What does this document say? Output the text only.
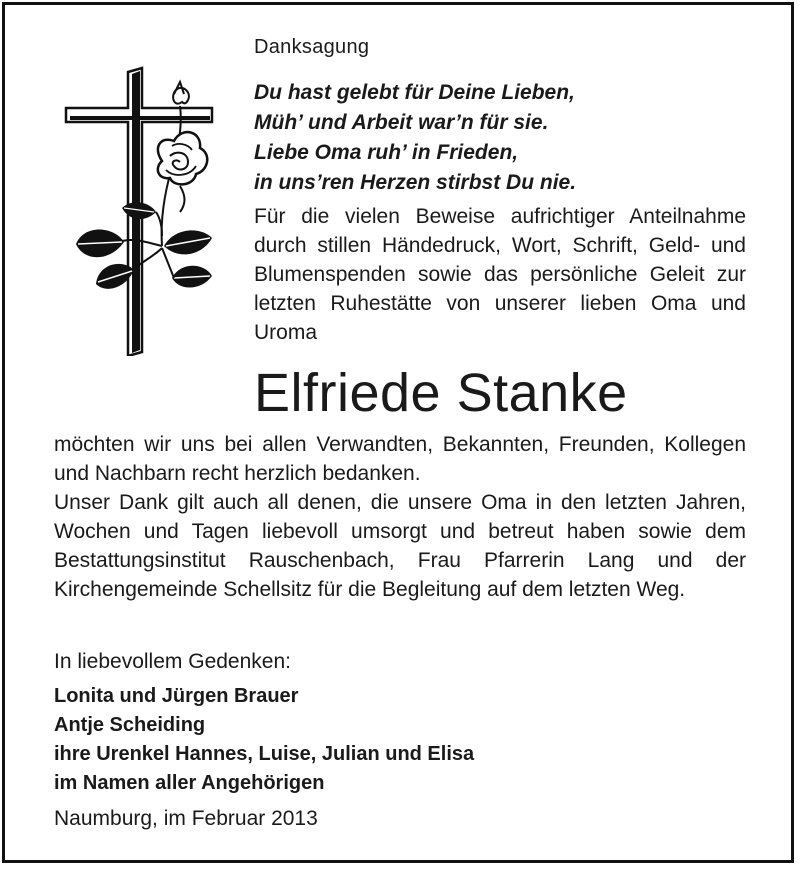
Danksagung
Du hast gelebt für Deine Lieben,
Müh’ und Arbeit war’n für sie.
Liebe Oma ruh’ in Frieden,
in uns’ren Herzen stirbst Du nie.

Für die vielen Beweise aufrichtiger Anteilnahme durch stillen Händedruck, Wort, Schrift, Geld- und Blumenspenden sowie das persönliche Geleit zur letzten Ruhestätte von unserer lieben Oma und Uroma

Elfriede Stanke

möchten wir uns bei allen Verwandten, Bekannten, Freunden, Kollegen und Nachbarn recht herzlich bedanken.

Unser Dank gilt auch all denen, die unsere Oma in den letzten Jahren, Wochen und Tagen liebevoll umsorgt und betreut haben sowie dem Bestattungsinstitut Rauschenbach, Frau Pfarrerin Lang und der Kirchengemeinde Schellsitz für die Begleitung auf dem letzten Weg.

In liebevollem Gedenken:
Lonita und Jürgen Brauer
Antje Scheiding
ihre Urenkel Hannes, Luise, Julian und Elisa
im Namen aller Angehörigen
Naumburg, im Februar 2013
